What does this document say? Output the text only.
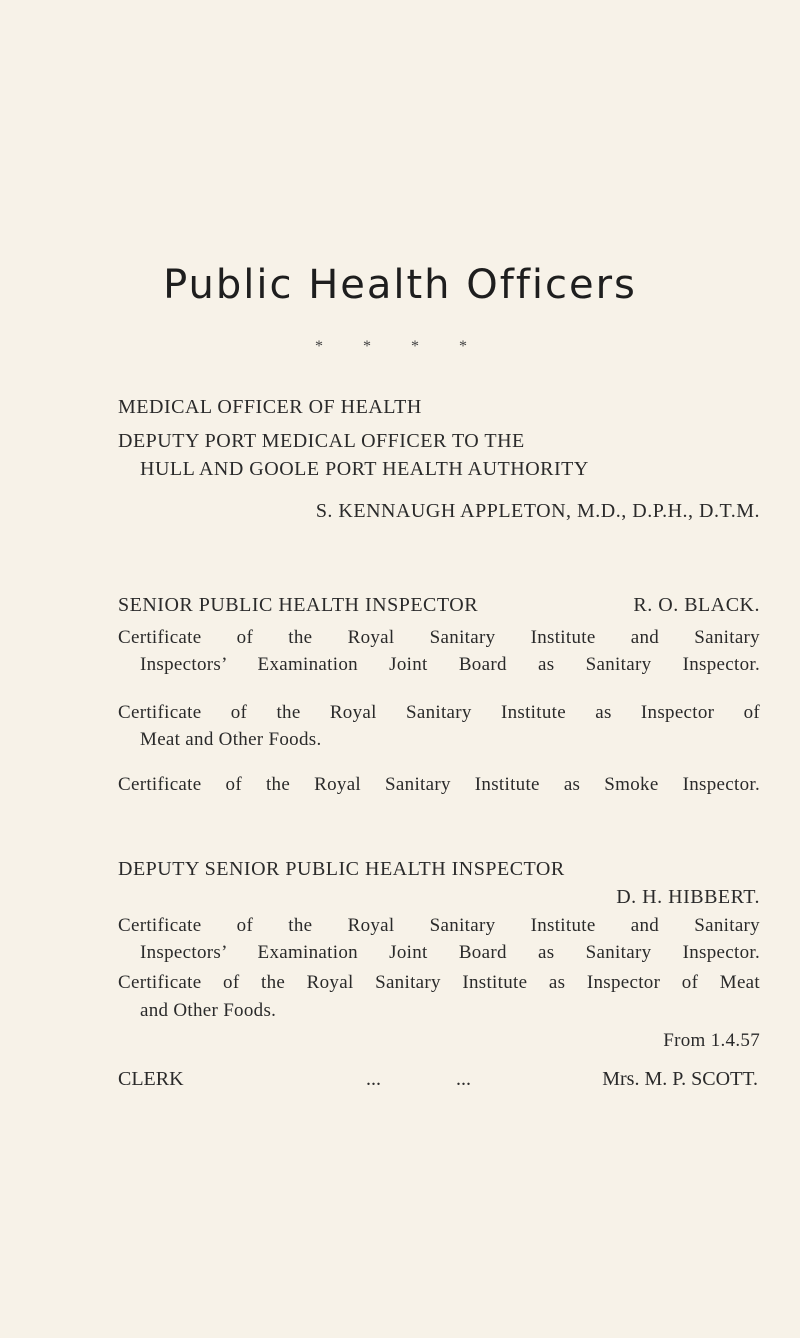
Public Health Officers
* * * *
MEDICAL OFFICER OF HEALTH
DEPUTY PORT MEDICAL OFFICER TO THE
HULL AND GOOLE PORT HEALTH AUTHORITY
S. KENNAUGH APPLETON, M.D., D.P.H., D.T.M.
SENIOR PUBLIC HEALTH INSPECTOR	R. O. BLACK.
Certificate of the Royal Sanitary Institute and Sanitary
Inspectors’ Examination Joint Board as Sanitary Inspector.
Certificate of the Royal Sanitary Institute as Inspector of
Meat and Other Foods.
Certificate of the Royal Sanitary Institute as Smoke Inspector.
DEPUTY SENIOR PUBLIC HEALTH INSPECTOR
D. H. HIBBERT.
Certificate of the Royal Sanitary Institute and Sanitary
Inspectors’ Examination Joint Board as Sanitary Inspector.
Certificate of the Royal Sanitary Institute as Inspector of Meat
and Other Foods.
From 1.4.57
CLERK	...	...	Mrs. M. P. SCOTT.
